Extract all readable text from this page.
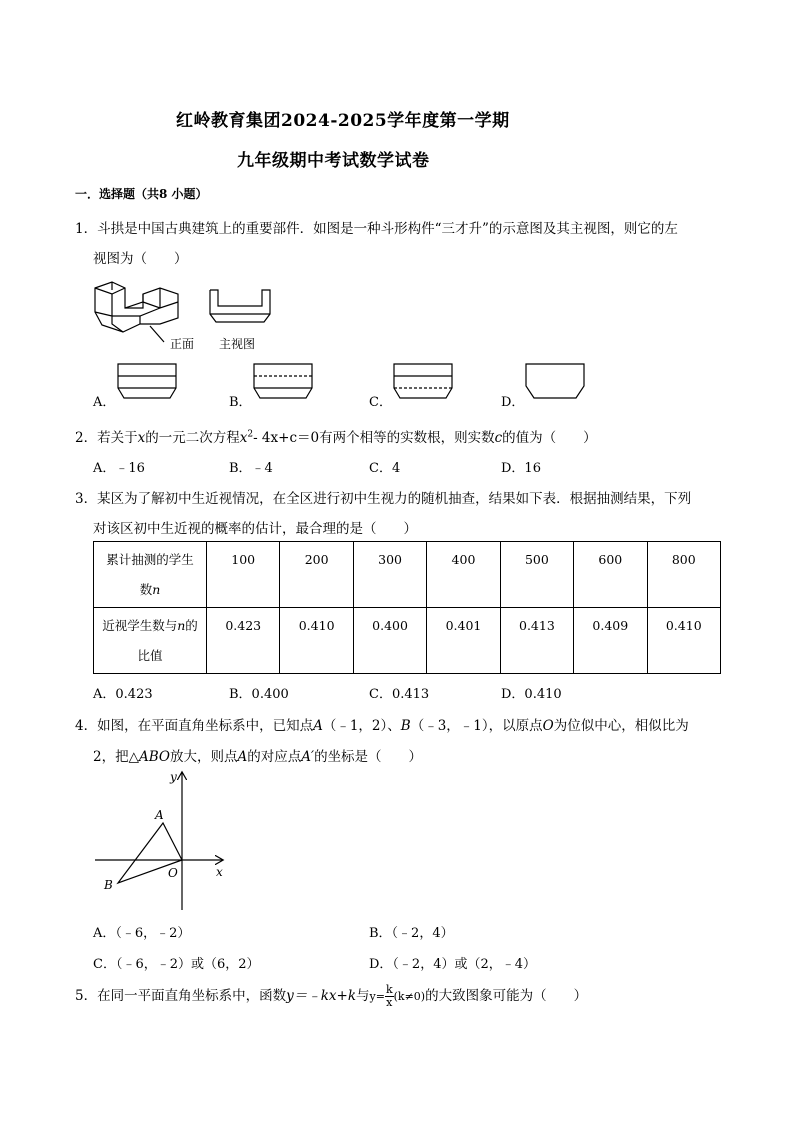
红岭教育集团2024-2025学年度第一学期
九年级期中考试数学试卷
一．选择题（共8 小题）
1．斗拱是中国古典建筑上的重要部件．如图是一种斗形构件“三才升”的示意图及其主视图，则它的左
视图为（　　）
正面 主视图
A．	B．	C．	D．
2．若关于x的一元二次方程$x^2-$ 4x+c＝0有两个相等的实数根，则实数c的值为（　　）
A．﹣16	B．﹣4	C．4	D．16
3．某区为了解初中生近视情况，在全区进行初中生视力的随机抽查，结果如下表．根据抽测结果，下列
对该区初中生近视的概率的估计，最合理的是（　　）
累计抽测的学生
数n	100	200	300	400	500	600	800
近视学生数与n的
比值	0.423	0.410	0.400	0.401	0.413	0.409	0.410
A．0.423	B．0.400	C．0.413	D．0.410
4．如图，在平面直角坐标系中，已知点A（﹣1，2）、B（﹣3，﹣1），以原点O为位似中心，相似比为
2，把△ABO放大，则点A的对应点A′的坐标是（　　）
y
x
A
B
O
A．（﹣6，﹣2）	B．（﹣2，4）
C．（﹣6，﹣2）或（6，2）	D．（﹣2，4）或（2，﹣4）
5．在同一平面直角坐标系中，函数y＝﹣kx+k与$y= \frac{k}{x} (k\ne 0)$的大致图象可能为（　　）
